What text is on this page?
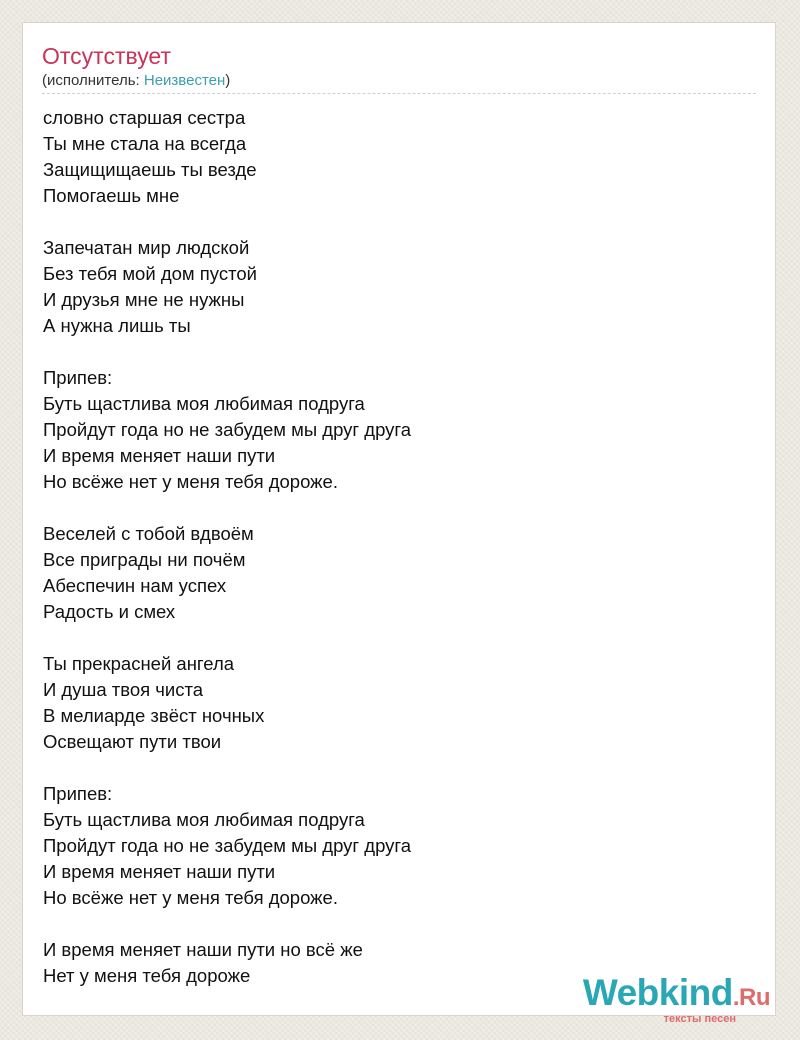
Отсутствует
(исполнитель: Неизвестен)
словно старшая сестра
Ты мне стала на всегда
Защищищаешь ты везде
Помогаешь мне
Запечатан мир людской
Без тебя мой дом пустой
И друзья мне не нужны
А нужна лишь ты
Припев:
Буть щастлива моя любимая подруга
Пройдут года но не забудем мы друг друга
И время меняет наши пути
Но всёже нет у меня тебя дороже.
Веселей с тобой вдвоём
Все приграды ни почём
Абеспечин нам успех
Радость и смех
Ты прекрасней ангела
И душа твоя чиста
В мелиарде звёст ночных
Освещают пути твои
Припев:
Буть щастлива моя любимая подруга
Пройдут года но не забудем мы друг друга
И время меняет наши пути
Но всёже нет у меня тебя дороже.
И время меняет наши пути но всё же
Нет у меня тебя дороже	Webkind.Ru
тексты песен
